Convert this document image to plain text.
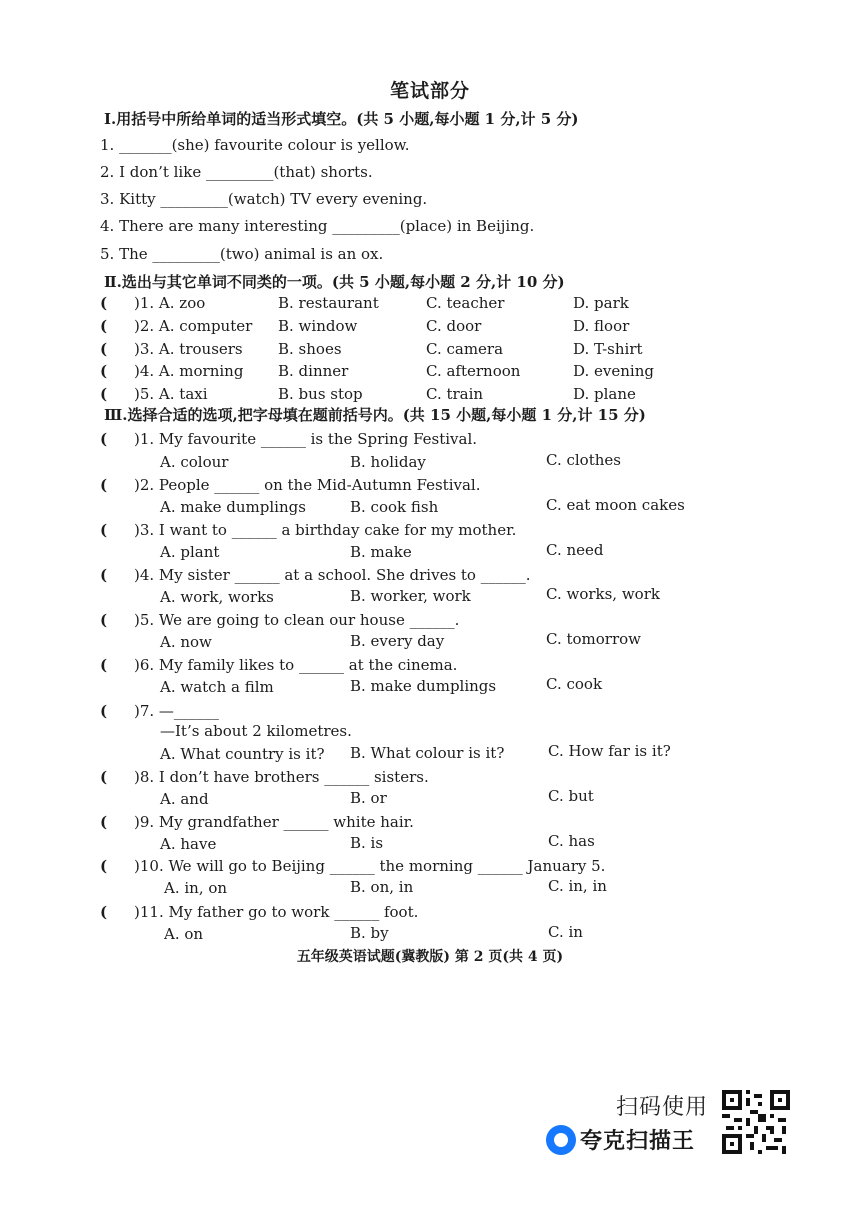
笔试部分
Ⅰ.用括号中所给单词的适当形式填空。(共 5 小题,每小题 1 分,计 5 分)
1. _______(she) favourite colour is yellow.
2. I don’t like _________(that) shorts.
3. Kitty _________(watch) TV every evening.
4. There are many interesting _________(place) in Beijing.
5. The _________(two) animal is an ox.
Ⅱ.选出与其它单词不同类的一项。(共 5 小题,每小题 2 分,计 10 分)
( )1. A. zoo	B. restaurant	C. teacher	D. park
( )2. A. computer B. window	C. door	D. floor
( )3. A. trousers B. shoes	C. camera	D. T-shirt
( )4. A. morning B. dinner	C. afternoon	D. evening
( )5. A. taxi	B. bus stop	C. train	D. plane
Ⅲ.选择合适的选项,把字母填在题前括号内。(共 15 小题,每小题 1 分,计 15 分)
( )1. My favourite ______ is the Spring Festival.
A. colour	B. holiday	C. clothes
( )2. People ______ on the Mid-Autumn Festival.
A. make dumplings	B. cook fish	C. eat moon cakes
( )3. I want to ______ a birthday cake for my mother.
A. plant	B. make	C. need
( )4. My sister ______ at a school. She drives to ______.
A. work, works	B. worker, work	C. works, work
( )5. We are going to clean our house ______.
A. now	B. every day	C. tomorrow
( )6. My family likes to ______ at the cinema.
A. watch a film	B. make dumplings	C. cook
( )7. —______
—It’s about 2 kilometres.
A. What country is it? B. What colour is it?	C. How far is it?
( )8. I don’t have brothers ______ sisters.
A. and	B. or	C. but
( )9. My grandfather ______ white hair.
A. have	B. is	C. has
( )10. We will go to Beijing ______ the morning ______ January 5.
A. in, on	B. on, in	C. in, in
( )11. My father go to work ______ foot.
A. on	B. by	C. in
五年级英语试题(冀教版) 第 2 页(共 4 页)
扫码使用
夸克扫描王
